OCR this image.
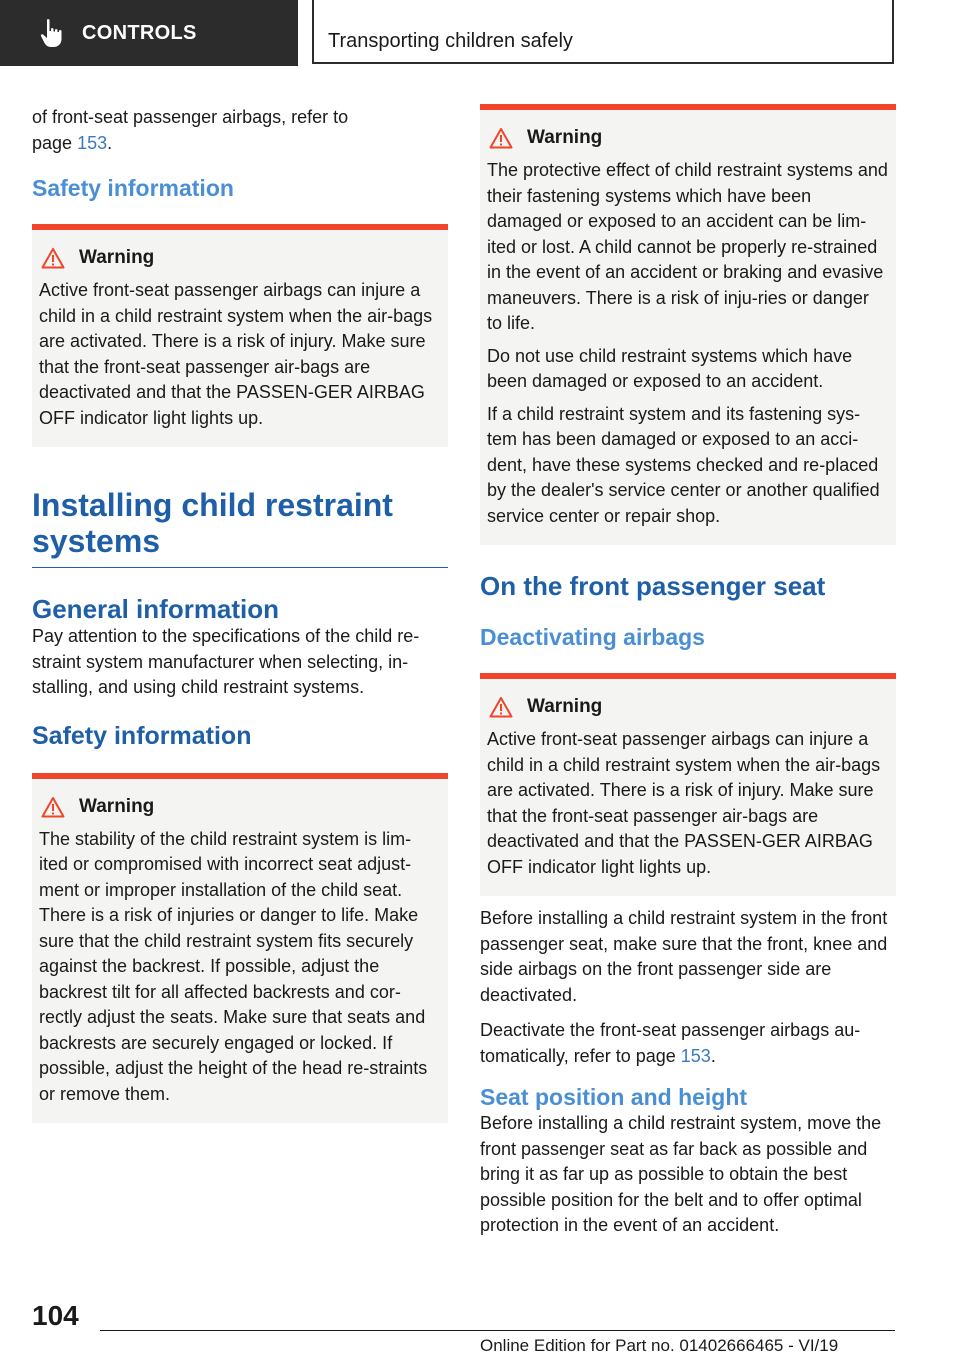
CONTROLS	Transporting children safely

of front-seat passenger airbags, refer to
page 153.

Safety information
Warning

Active front-seat passenger airbags can injure a child in a child restraint system when the air‐bags are activated. There is a risk of injury. Make sure that the front-seat passenger air‐bags are deactivated and that the PASSEN‐GER AIRBAG OFF indicator light lights up.

Installing child restraint systems
General information

Pay attention to the specifications of the child re‐straint system manufacturer when selecting, in‐stalling, and using child restraint systems.

Safety information
Warning

The stability of the child restraint system is lim‐ited or compromised with incorrect seat adjust‐ment or improper installation of the child seat. There is a risk of injuries or danger to life. Make sure that the child restraint system fits securely against the backrest. If possible, adjust the backrest tilt for all affected backrests and cor‐rectly adjust the seats. Make sure that seats and backrests are securely engaged or locked. If possible, adjust the height of the head re‐straints or remove them.

Warning

The protective effect of child restraint systems and their fastening systems which have been damaged or exposed to an accident can be lim‐ited or lost. A child cannot be properly re‐strained in the event of an accident or braking and evasive maneuvers. There is a risk of inju‐ries or danger to life.

Do not use child restraint systems which have been damaged or exposed to an accident.

If a child restraint system and its fastening sys‐tem has been damaged or exposed to an acci‐dent, have these systems checked and re‐placed by the dealer's service center or another qualified service center or repair shop.

On the front passenger seat
Deactivating airbags
Warning

Active front-seat passenger airbags can injure a child in a child restraint system when the air‐bags are activated. There is a risk of injury. Make sure that the front-seat passenger air‐bags are deactivated and that the PASSEN‐GER AIRBAG OFF indicator light lights up.

Before installing a child restraint system in the front passenger seat, make sure that the front, knee and side airbags on the front passenger side are deactivated.

Deactivate the front-seat passenger airbags au‐tomatically, refer to page 153.

Seat position and height

Before installing a child restraint system, move the front passenger seat as far back as possible and bring it as far up as possible to obtain the best possible position for the belt and to offer optimal protection in the event of an accident.

104
Online Edition for Part no. 01402666465 - VI/19
